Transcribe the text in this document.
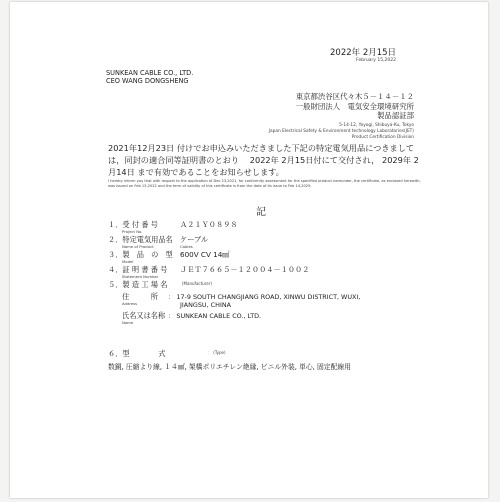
2022年 2月15日
February 15,2022
SUNKEAN CABLE CO., LTD.
CEO WANG DONGSHENG
東京都渋谷区代々木５－１４－１２
一般財団法人　電気安全環境研究所
製品認証部
5-14-12, Yoyogi, Shibuya-Ku, Tokyo
Japan Electrical Safety & Environment technology Laboratories(JET)
Product Certification Division
2021年12月23日 付けでお申込みいただきました下記の特定電気用品につきましては，同封の適合同等証明書のとおり　 2022年 2月15日付にて交付され， 2029年 2月14日 まで有効であることをお知らせします。
I hereby inform you that with respect to the application of Dec 23,2021, for conformity assessment for the specified product hereunder, the certificate, as enclosed herewith, was issued on Feb 15,2022 and the term of validity of this certificate is from the date of its issue to Feb 14,2029.
記
１．受 付 番 号
Project No.
Ａ２１Ｙ０８９８
２．特定電気用品名
Name of Product
ケーブル
Cables
３．製　品　の　型
Model
600V CV 14㎟
４．証 明 書 番 号
Statement Number
ＪＥＴ７６６５－１２００４－１００２
５．製 造 工 場 名	(Manufacturer)
住　　　所
Address
： 17-9 SOUTH CHANGJIANG ROAD, XINWU DISTRICT, WUXI,
JIANGSU, CHINA
氏名又は名称
Name
： SUNKEAN CABLE CO., LTD.
６．型　　　　式	： (Type)
数銅, 圧縮より線, １４㎟, 架橋ポリエチレン絶縁, ビニル外装, 単心, 固定配線用
